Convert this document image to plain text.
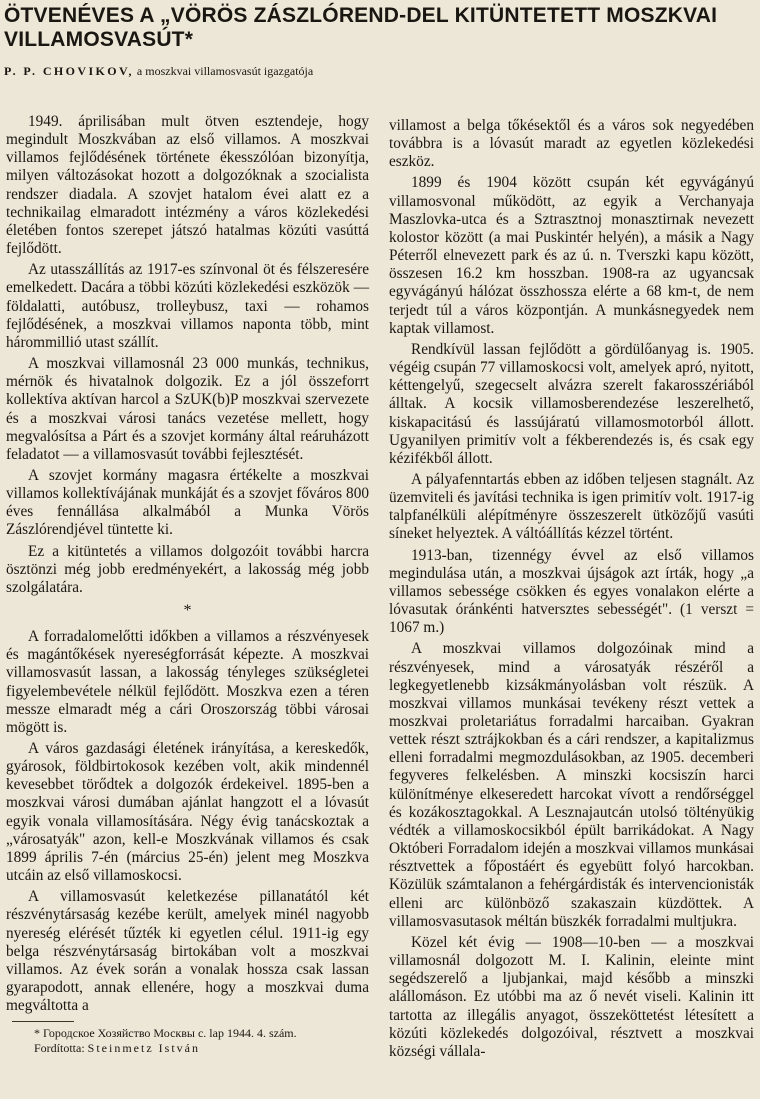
ÖTVENÉVES A „VÖRÖS ZÁSZLÓREND-DEL KITÜNTETETT MOSZKVAI VILLAMOSVASÚT*
P. P. CHOVIKOV, a moszkvai villamosvasút igazgatója

1949. áprilisában mult ötven esztendeje, hogy megindult Moszkvában az első villamos. A moszkvai villamos fejlődésének története ékesszólóan bizonyítja, milyen változásokat hozott a dolgozóknak a szocialista rendszer diadala. A szovjet hatalom évei alatt ez a technikailag elmaradott intézmény a város közlekedési életében fontos szerepet játszó hatalmas közúti vasúttá fejlődött.

Az utasszállítás az 1917-es színvonal öt és félszeresére emelkedett. Dacára a többi közúti közlekedési eszközök — földalatti, autóbusz, trolleybusz, taxi — rohamos fejlődésének, a moszkvai villamos naponta több, mint hárommillió utast szállít.

A moszkvai villamosnál 23 000 munkás, technikus, mérnök és hivatalnok dolgozik. Ez a jól összeforrt kollektíva aktívan harcol a SzUK(b)P moszkvai szervezete és a moszkvai városi tanács vezetése mellett, hogy megvalósítsa a Párt és a szovjet kormány által reáruházott feladatot — a villamosvasút további fejlesztését.

A szovjet kormány magasra értékelte a moszkvai villamos kollektívájának munkáját és a szovjet főváros 800 éves fennállása alkalmából a Munka Vörös Zászlórendjével tüntette ki.

Ez a kitüntetés a villamos dolgozóit további harcra ösztönzi még jobb eredményekért, a lakosság még jobb szolgálatára.

*

A forradalomelőtti időkben a villamos a részvényesek és magántőkések nyereségforrását képezte. A moszkvai villamosvasút lassan, a lakosság tényleges szükségletei figyelembevétele nélkül fejlődött. Moszkva ezen a téren messze elmaradt még a cári Oroszország többi városai mögött is.

A város gazdasági életének irányítása, a kereskedők, gyárosok, földbirtokosok kezében volt, akik mindennél kevesebbet törődtek a dolgozók érdekeivel. 1895-ben a moszkvai városi dumában ajánlat hangzott el a lóvasút egyik vonala villamosítására. Négy évig tanácskoztak a „városatyák" azon, kell-e Moszkvának villamos és csak 1899 április 7-én (március 25-én) jelent meg Moszkva utcáin az első villamoskocsi.

A villamosvasút keletkezése pillanatától két részvénytársaság kezébe került, amelyek minél nagyobb nyereség elérését tűzték ki egyetlen célul. 1911-ig egy belga részvénytársaság birtokában volt a moszkvai villamos. Az évek során a vonalak hossza csak lassan gyarapodott, annak ellenére, hogy a moszkvai duma megváltotta a

* Городское Хозяйство Москвы c. lap 1944. 4. szám.
Fordította: Steinmetz István

villamost a belga tőkésektől és a város sok negyedében továbbra is a lóvasút maradt az egyetlen közlekedési eszköz.

1899 és 1904 között csupán két egyvágányú villamosvonal működött, az egyik a Verchanyaja Maszlovka-utca és a Sztrasztnoj monasztirnak nevezett kolostor között (a mai Puskintér helyén), a másik a Nagy Péterről elnevezett park és az ú. n. Tverszki kapu között, összesen 16.2 km hosszban. 1908-ra az ugyancsak egyvágányú hálózat összhossza elérte a 68 km-t, de nem terjedt túl a város központján. A munkásnegyedek nem kaptak villamost.

Rendkívül lassan fejlődött a gördülőanyag is. 1905. végéig csupán 77 villamoskocsi volt, amelyek apró, nyitott, kéttengelyű, szegecselt alvázra szerelt fakarosszériából álltak. A kocsik villamosberendezése leszerelhető, kiskapacitású és lassújáratú villamosmotorból állott. Ugyanilyen primitív volt a fékberendezés is, és csak egy kézifékből állott.

A pályafenntartás ebben az időben teljesen stagnált. Az üzemviteli és javítási technika is igen primitív volt. 1917-ig talpfanélküli alépítményre összeszerelt ütközőjű vasúti síneket helyeztek. A váltóállítás kézzel történt.

1913-ban, tizennégy évvel az első villamos megindulása után, a moszkvai újságok azt írták, hogy „a villamos sebessége csökken és egyes vonalakon elérte a lóvasutak óránkénti hatversztes sebességét". (1 verszt = 1067 m.)

A moszkvai villamos dolgozóinak mind a részvényesek, mind a városatyák részéről a legkegyetlenebb kizsákmányolásban volt részük. A moszkvai villamos munkásai tevékeny részt vettek a moszkvai proletariátus forradalmi harcaiban. Gyakran vettek részt sztrájkokban és a cári rendszer, a kapitalizmus elleni forradalmi megmozdulásokban, az 1905. decemberi fegyveres felkelésben. A minszki kocsiszín harci különítménye elkeseredett harcokat vívott a rendőrséggel és kozákosztagokkal. A Lesznajautcán utolsó töltényükig védték a villamoskocsikból épült barrikádokat. A Nagy Októberi Forradalom idején a moszkvai villamos munkásai résztvettek a főpostáért és egyebütt folyó harcokban. Közülük számtalanon a fehérgárdisták és intervencionisták elleni arc különböző szakaszain küzdöttek. A villamosvasutasok méltán büszkék forradalmi multjukra.

Közel két évig — 1908—10-ben — a moszkvai villamosnál dolgozott M. I. Kalinin, eleinte mint segédszerelő a ljubjankai, majd később a minszki alállomáson. Ez utóbbi ma az ő nevét viseli. Kalinin itt tartotta az illegális anyagot, összeköttetést létesített a közúti közlekedés dolgozóival, résztvett a moszkvai községi vállala-
